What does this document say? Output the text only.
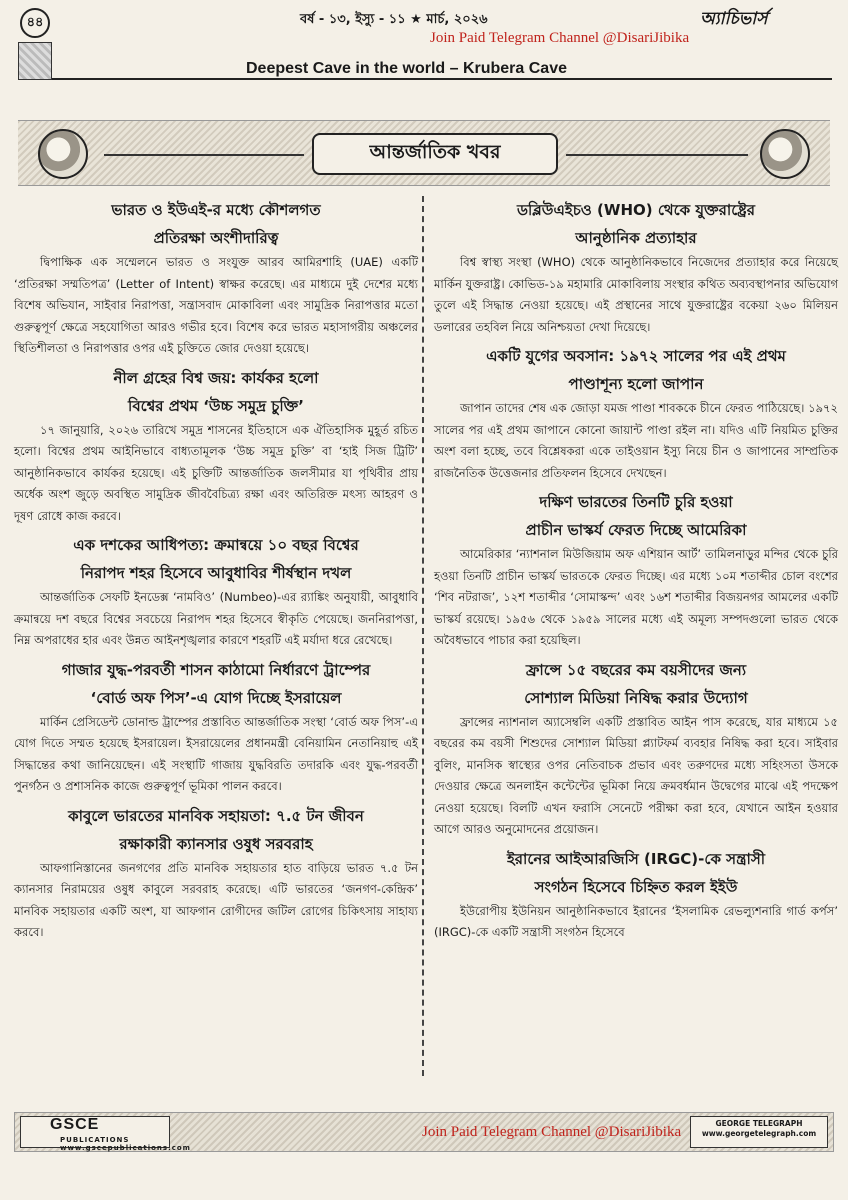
৪৪	বর্ষ - ১৩, ইস্যু - ১১ ★ মার্চ, ২০২৬	অ্যাচিভার্স
Join Paid Telegram Channel @DisariJibika
Deepest Cave in the world – Krubera Cave
আন্তর্জাতিক খবর
ভারত ও ইউএই-র মধ্যে কৌশলগত
প্রতিরক্ষা অংশীদারিত্ব

দ্বিপাক্ষিক এক সম্মেলনে ভারত ও সংযুক্ত আরব আমিরশাহি (UAE) একটি ‘প্রতিরক্ষা সম্মতিপত্র’ (Letter of Intent) স্বাক্ষর করেছে। এর মাধ্যমে দুই দেশের মধ্যে বিশেষ অভিযান, সাইবার নিরাপত্তা, সন্ত্রাসবাদ মোকাবিলা এবং সামুদ্রিক নিরাপত্তার মতো গুরুত্বপূর্ণ ক্ষেত্রে সহযোগিতা আরও গভীর হবে। বিশেষ করে ভারত মহাসাগরীয় অঞ্চলের স্থিতিশীলতা ও নিরাপত্তার ওপর এই চুক্তিতে জোর দেওয়া হয়েছে।

নীল গ্রহের বিশ্ব জয়: কার্যকর হলো
বিশ্বের প্রথম ‘উচ্চ সমুদ্র চুক্তি’

১৭ জানুয়ারি, ২০২৬ তারিখে সমুদ্র শাসনের ইতিহাসে এক ঐতিহাসিক মুহূর্ত রচিত হলো। বিশ্বের প্রথম আইনিভাবে বাধ্যতামূলক ‘উচ্চ সমুদ্র চুক্তি’ বা ‘হাই সিজ ট্রিটি’ আনুষ্ঠানিকভাবে কার্যকর হয়েছে। এই চুক্তিটি আন্তর্জাতিক জলসীমার যা পৃথিবীর প্রায় অর্ধেক অংশ জুড়ে অবস্থিত সামুদ্রিক জীববৈচিত্র্য রক্ষা এবং অতিরিক্ত মৎস্য আহরণ ও দূষণ রোধে কাজ করবে।

এক দশকের আধিপত্য: ক্রমান্বয়ে ১০ বছর বিশ্বের
নিরাপদ শহর হিসেবে আবুধাবির শীর্ষস্থান দখল

আন্তর্জাতিক সেফটি ইনডেক্স ‘নামবিও’ (Numbeo)-এর র‍্যাঙ্কিং অনুযায়ী, আবুধাবি ক্রমান্বয়ে দশ বছরে বিশ্বের সবচেয়ে নিরাপদ শহর হিসেবে স্বীকৃতি পেয়েছে। জননিরাপত্তা, নিম্ন অপরাধের হার এবং উন্নত আইনশৃঙ্খলার কারণে শহরটি এই মর্যাদা ধরে রেখেছে।

গাজার যুদ্ধ-পরবর্তী শাসন কাঠামো নির্ধারণে ট্রাম্পের
‘বোর্ড অফ পিস’-এ যোগ দিচ্ছে ইসরায়েল

মার্কিন প্রেসিডেন্ট ডোনাল্ড ট্রাম্পের প্রস্তাবিত আন্তর্জাতিক সংস্থা ‘বোর্ড অফ পিস’-এ যোগ দিতে সম্মত হয়েছে ইসরায়েল। ইসরায়েলের প্রধানমন্ত্রী বেনিয়ামিন নেতানিয়াহু এই সিদ্ধান্তের কথা জানিয়েছেন। এই সংস্থাটি গাজায় যুদ্ধবিরতি তদারকি এবং যুদ্ধ-পরবর্তী পুনর্গঠন ও প্রশাসনিক কাজে গুরুত্বপূর্ণ ভূমিকা পালন করবে।

কাবুলে ভারতের মানবিক সহায়তা: ৭.৫ টন জীবন
রক্ষাকারী ক্যানসার ওষুধ সরবরাহ

আফগানিস্তানের জনগণের প্রতি মানবিক সহায়তার হাত বাড়িয়ে ভারত ৭.৫ টন ক্যানসার নিরাময়ের ওষুধ কাবুলে সরবরাহ করেছে। এটি ভারতের ‘জনগণ-কেন্দ্রিক’ মানবিক সহায়তার একটি অংশ, যা আফগান রোগীদের জটিল রোগের চিকিৎসায় সাহায্য করবে।

ডব্লিউএইচও (WHO) থেকে যুক্তরাষ্ট্রের
আনুষ্ঠানিক প্রত্যাহার

বিশ্ব স্বাস্থ্য সংস্থা (WHO) থেকে আনুষ্ঠানিকভাবে নিজেদের প্রত্যাহার করে নিয়েছে মার্কিন যুক্তরাষ্ট্র। কোভিড-১৯ মহামারি মোকাবিলায় সংস্থার কথিত অব্যবস্থাপনার অভিযোগ তুলে এই সিদ্ধান্ত নেওয়া হয়েছে। এই প্রস্থানের সাথে যুক্তরাষ্ট্রের বকেয়া ২৬০ মিলিয়ন ডলারের তহবিল নিয়ে অনিশ্চয়তা দেখা দিয়েছে।

একটি যুগের অবসান: ১৯৭২ সালের পর এই প্রথম
পাণ্ডাশূন্য হলো জাপান

জাপান তাদের শেষ এক জোড়া যমজ পাণ্ডা শাবককে চীনে ফেরত পাঠিয়েছে। ১৯৭২ সালের পর এই প্রথম জাপানে কোনো জায়ান্ট পাণ্ডা রইল না। যদিও এটি নিয়মিত চুক্তির অংশ বলা হচ্ছে, তবে বিশ্লেষকরা একে তাইওয়ান ইস্যু নিয়ে চীন ও জাপানের সাম্প্রতিক রাজনৈতিক উত্তেজনার প্রতিফলন হিসেবে দেখছেন।

দক্ষিণ ভারতের তিনটি চুরি হওয়া
প্রাচীন ভাস্কর্য ফেরত দিচ্ছে আমেরিকা

আমেরিকার ‘ন্যাশনাল মিউজিয়াম অফ এশিয়ান আর্ট’ তামিলনাড়ুর মন্দির থেকে চুরি হওয়া তিনটি প্রাচীন ভাস্কর্য ভারতকে ফেরত দিচ্ছে। এর মধ্যে ১০ম শতাব্দীর চোল বংশের ‘শিব নটরাজ’, ১২শ শতাব্দীর ‘সোমাস্কন্দ’ এবং ১৬শ শতাব্দীর বিজয়নগর আমলের একটি ভাস্কর্য রয়েছে। ১৯৫৬ থেকে ১৯৫৯ সালের মধ্যে এই অমূল্য সম্পদগুলো ভারত থেকে অবৈধভাবে পাচার করা হয়েছিল।

ফ্রান্সে ১৫ বছরের কম বয়সীদের জন্য
সোশ্যাল মিডিয়া নিষিদ্ধ করার উদ্যোগ

ফ্রান্সের ন্যাশনাল অ্যাসেম্বলি একটি প্রস্তাবিত আইন পাস করেছে, যার মাধ্যমে ১৫ বছরের কম বয়সী শিশুদের সোশ্যাল মিডিয়া প্ল্যাটফর্ম ব্যবহার নিষিদ্ধ করা হবে। সাইবার বুলিং, মানসিক স্বাস্থ্যের ওপর নেতিবাচক প্রভাব এবং তরুণদের মধ্যে সহিংসতা উসকে দেওয়ার ক্ষেত্রে অনলাইন কন্টেন্টের ভূমিকা নিয়ে ক্রমবর্ধমান উদ্বেগের মাঝে এই পদক্ষেপ নেওয়া হয়েছে। বিলটি এখন ফরাসি সেনেটে পরীক্ষা করা হবে, যেখানে আইন হওয়ার আগে আরও অনুমোদনের প্রয়োজন।

ইরানের আইআরজিসি (IRGC)-কে সন্ত্রাসী
সংগঠন হিসেবে চিহ্নিত করল ইইউ

ইউরোপীয় ইউনিয়ন আনুষ্ঠানিকভাবে ইরানের ‘ইসলামিক রেভল্যুশনারি গার্ড কর্পস’ (IRGC)-কে একটি সন্ত্রাসী সংগঠন হিসেবে

GSCE
PUBLICATIONS
www.gscepublications.com
GEORGE TELEGRAPH
www.georgetelegraph.com
Join Paid Telegram Channel @DisariJibika
